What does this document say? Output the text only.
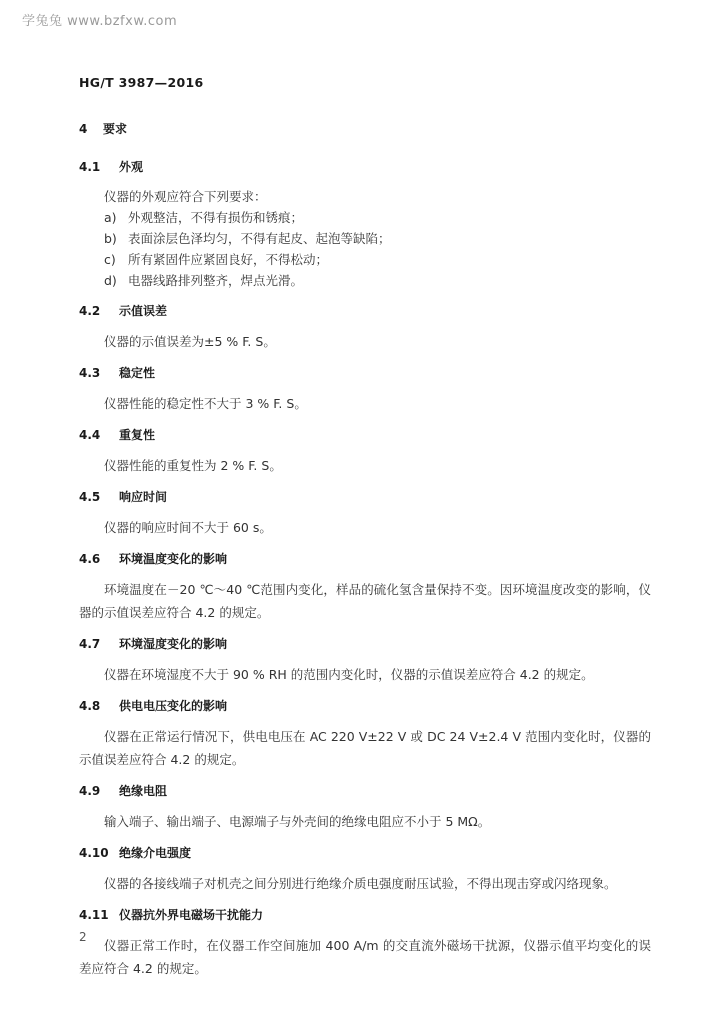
学兔兔 www.bzfxw.com
HG/T 3987—2016
4	要求
4.1	外观
仪器的外观应符合下列要求：
a) 外观整洁，不得有损伤和锈痕；
b) 表面涂层色泽均匀，不得有起皮、起泡等缺陷；
c) 所有紧固件应紧固良好，不得松动；
d) 电器线路排列整齐，焊点光滑。
4.2	示值误差
仪器的示值误差为±5 % F. S。
4.3	稳定性
仪器性能的稳定性不大于 3 % F. S。
4.4	重复性
仪器性能的重复性为 2 % F. S。
4.5	响应时间
仪器的响应时间不大于 60 s。
4.6	环境温度变化的影响
环境温度在－20 ℃～40 ℃范围内变化，样品的硫化氢含量保持不变。因环境温度改变的影响，仪器的示值误差应符合 4.2 的规定。
4.7	环境湿度变化的影响
仪器在环境湿度不大于 90 % RH 的范围内变化时，仪器的示值误差应符合 4.2 的规定。
4.8	供电电压变化的影响
仪器在正常运行情况下，供电电压在 AC 220 V±22 V 或 DC 24 V±2.4 V 范围内变化时，仪器的示值误差应符合 4.2 的规定。
4.9	绝缘电阻
输入端子、输出端子、电源端子与外壳间的绝缘电阻应不小于 5 MΩ。
4.10 绝缘介电强度
仪器的各接线端子对机壳之间分别进行绝缘介质电强度耐压试验，不得出现击穿或闪络现象。
4.11 仪器抗外界电磁场干扰能力
仪器正常工作时，在仪器工作空间施加 400 A/m 的交直流外磁场干扰源，仪器示值平均变化的误差应符合 4.2 的规定。
2
